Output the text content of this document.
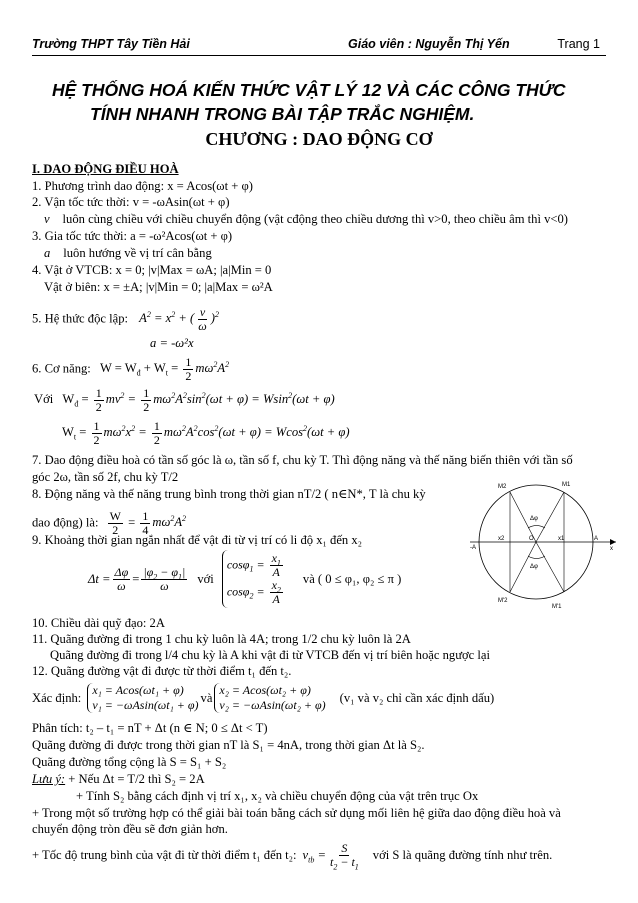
Trường THPT Tây Tiền Hải	Giáo viên : Nguyễn Thị Yến	Trang 1
HỆ THỐNG HOÁ KIẾN THỨC VẬT LÝ 12 VÀ CÁC CÔNG THỨC
TÍNH NHANH TRONG BÀI TẬP TRẮC NGHIỆM.
CHƯƠNG : DAO ĐỘNG CƠ
I. DAO ĐỘNG ĐIỀU HOÀ
1. Phương trình dao động: x = Acos(ωt + φ)
2. Vận tốc tức thời: v = -ωAsin(ωt + φ)
v⃗ luôn cùng chiều với chiều chuyển động (vật cđộng theo chiều dương thì v>0, theo chiều âm thì v<0)
3. Gia tốc tức thời: a = -ω²Acos(ωt + φ)
a⃗ luôn hướng về vị trí cân bằng
4. Vật ở VTCB: x = 0; |v|Max = ωA; |a|Min = 0
Vật ở biên: x = ±A; |v|Min = 0; |a|Max = ω²A
5. Hệ thức độc lập: $A^2 = x^2$ + ( $\frac{v}{\omega} )^2$
a = -ω²x
6. Cơ năng: $W = W_đ + W_t = \frac{1}{2} m\omega^2A^2$
Với $W_đ = \frac{1}{2} mv^2 = \frac{1}{2} m\omega^2A^2\sin^2(\omega t + \varphi) = Wsin^2(\omega t + \varphi)$
$W_t = \frac{1}{2} m\omega^2x^2 = \frac{1}{2} m\omega^2A^2\cos^2(\omega t + \varphi) = Wcos^2(\omega t + \varphi)$
7. Dao động điều hoà có tần số góc là ω, tần số f, chu kỳ T. Thì động năng và thế năng biến thiên với tần số
góc 2ω, tần số 2f, chu kỳ T/2
8. Động năng và thế năng trung bình trong thời gian nT/2 ( n∈N*, T là chu kỳ
dao động) là: $\frac{W}{2} = \frac{1}{4} m\omega^2A^2$
9. Khoảng thời gian ngắn nhất để vật đi từ vị trí có li độ x₁ đến x₂
$\Delta t = \frac{\Delta\varphi}{\omega} = \frac{|\varphi_2 - \varphi_1|}{\omega}$ với
$\cos\varphi_1 = \frac{x_1}{A}$
$\cos\varphi_2 = \frac{x_2}{A}$
và ( 0 ≤ φ₁, φ₂ ≤ π )
10. Chiều dài quỹ đạo: 2A
11. Quãng đường đi trong 1 chu kỳ luôn là 4A; trong 1/2 chu kỳ luôn là 2A
Quãng đường đi trong l/4 chu kỳ là A khi vật đi từ VTCB đến vị trí biên hoặc ngược lại
12. Quãng đường vật đi được từ thời điểm t₁ đến t₂.
Xác định:
x₁ = Acos(ωt₁ + φ)
v₁ = −ωAsin(ωt₁ + φ)
và
x₂ = Acos(ωt₂ + φ)
v₂ = −ωAsin(ωt₂ + φ)
(v₁ và v₂ chỉ cần xác định dấu)
Phân tích: t₂ – t₁ = nT + Δt (n ∈ N; 0 ≤ Δt < T)
Quãng đường đi được trong thời gian nT là S₁ = 4nA, trong thời gian Δt là S₂.
Quãng đường tổng cộng là S = S₁ + S₂
Lưu ý: + Nếu Δt = T/2 thì S₂ = 2A
+ Tính S₂ bằng cách định vị trí x₁, x₂ và chiều chuyển động của vật trên trục Ox
+ Trong một số trường hợp có thể giải bài toán bằng cách sử dụng mối liên hệ giữa dao động điều hoà và
chuyển động tròn đều sẽ đơn giản hơn.
+ Tốc độ trung bình của vật đi từ thời điểm t₁ đến t₂: $v_{tb} = \frac{S}{t_2 - t_1}$ với S là quãng đường tính như trên.
M2	M1
-A
x2	O	x1	A
Δφ
Δφ
M'2
M'1
x
